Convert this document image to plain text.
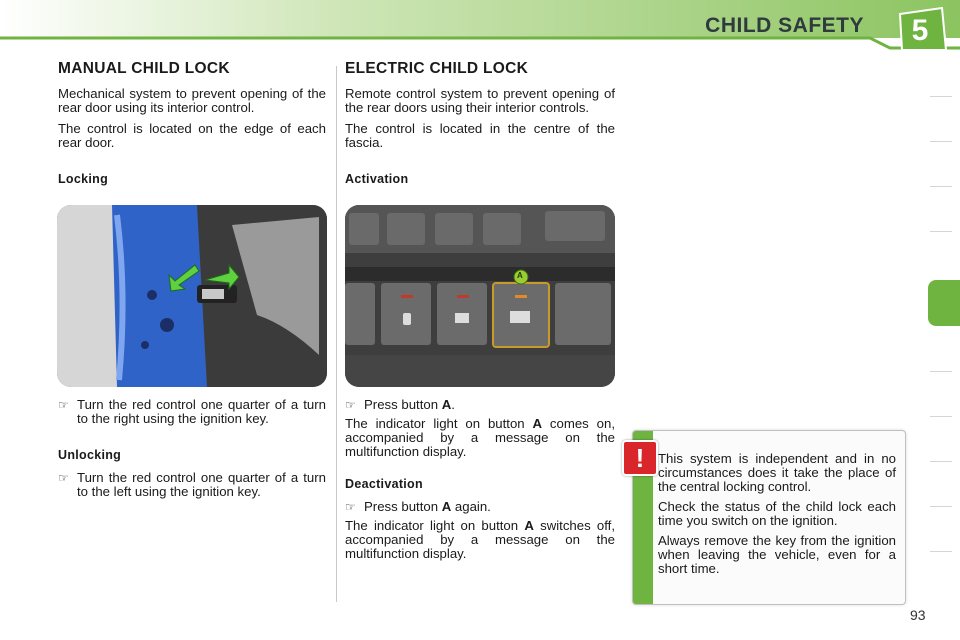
CHILD SAFETY	5
MANUAL CHILD LOCK

Mechanical system to prevent opening of the rear door using its interior control.

The control is located on the edge of each rear door.

Locking
☞ Turn the red control one quarter of a turn to the right using the ignition key.
Unlocking
☞ Turn the red control one quarter of a turn to the left using the ignition key.
ELECTRIC CHILD LOCK

Remote control system to prevent opening of the rear doors using their interior controls.

The control is located in the centre of the fascia.

Activation
A
☞ Press button A.

The indicator light on button A comes on, accompanied by a message on the multifunction display.

Deactivation
☞ Press button A again.

The indicator light on button A switches off, accompanied by a message on the multifunction display.

!	This system is independent and in no circumstances does it take the place of the central locking control.

Check the status of the child lock each time you switch on the ignition.

Always remove the key from the ignition when leaving the vehicle, even for a short time.

93
